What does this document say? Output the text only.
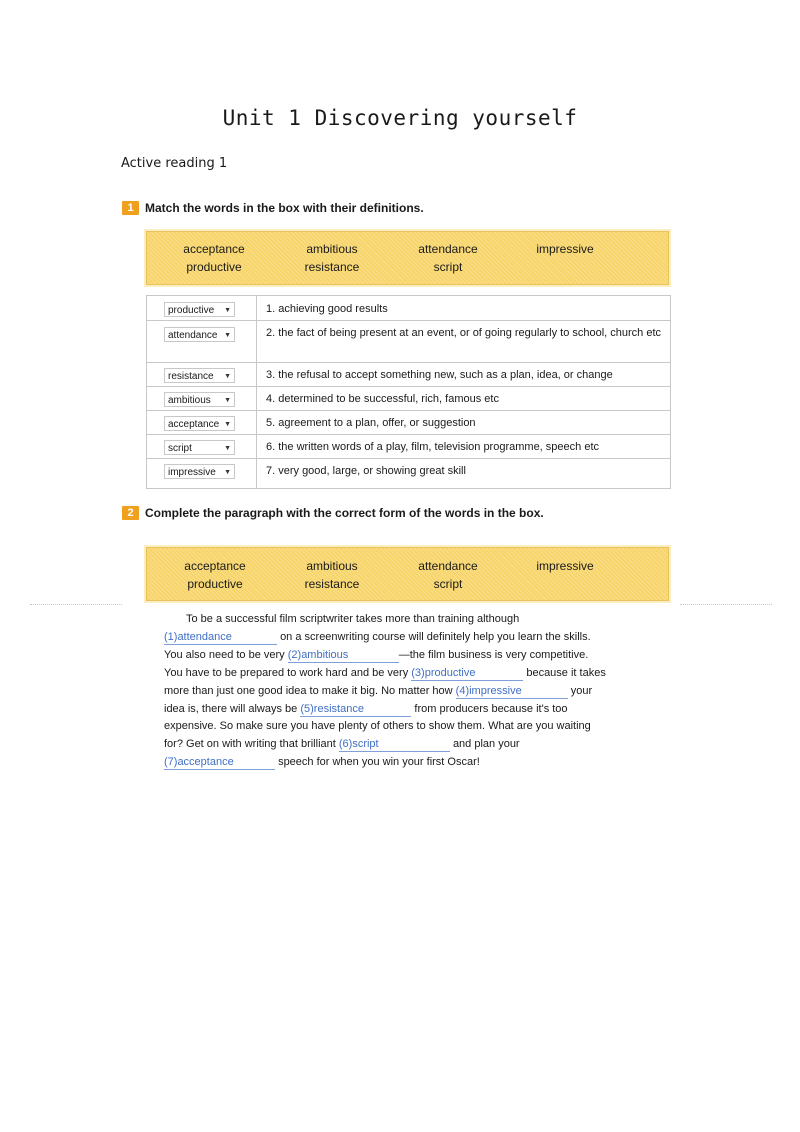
Unit 1 Discovering yourself
Active reading 1
1 Match the words in the box with their definitions.
acceptance	ambitious	attendance	impressive
productive	resistance	script
productive ▼	1. achieving good results
attendance ▼	2. the fact of being present at an event, or of going regularly to school, church etc
resistance ▼	3. the refusal to accept something new, such as a plan, idea, or change
ambitious ▼	4. determined to be successful, rich, famous etc
acceptance ▼	5. agreement to a plan, offer, or suggestion
script	▼	6. the written words of a play, film, television programme, speech etc
impressive ▼	7. very good, large, or showing great skill
2 Complete the paragraph with the correct form of the words in the box.
acceptance	ambitious	attendance	impressive
productive	resistance	script

To be a successful film scriptwriter takes more than training although

(1)attendance	on a screenwriting course will definitely help you learn the skills.

You also need to be very (2)ambitious	—the film business is very competitive.

You have to be prepared to work hard and be very (3)productive	because it takes

more than just one good idea to make it big. No matter how (4)impressive	your

idea is, there will always be (5)resistance	from producers because it's too

expensive. So make sure you have plenty of others to show them. What are you waiting

for? Get on with writing that brilliant (6)script	and plan your

(7)acceptance	speech for when you win your first Oscar!
